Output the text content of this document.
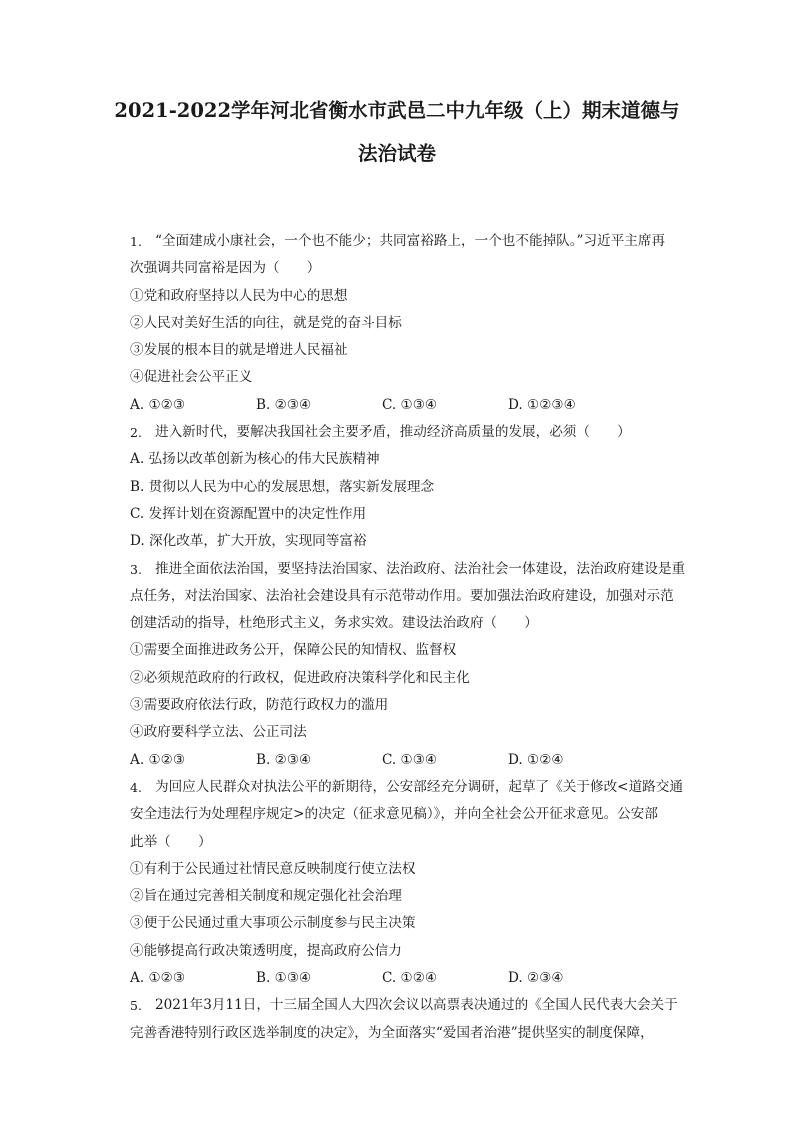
2021-2022学年河北省衡水市武邑二中九年级（上）期末道德与
法治试卷
1. “全面建成小康社会，一个也不能少；共同富裕路上，一个也不能掉队。”习近平主席再
次强调共同富裕是因为（　　）
①党和政府坚持以人民为中心的思想
②人民对美好生活的向往，就是党的奋斗目标
③发展的根本目的就是增进人民福祉
④促进社会公平正义
A. ①②③	B. ②③④	C. ①③④	D. ①②③④
2. 进入新时代，要解决我国社会主要矛盾，推动经济高质量的发展，必须（　　）
A. 弘扬以改革创新为核心的伟大民族精神
B. 贯彻以人民为中心的发展思想，落实新发展理念
C. 发挥计划在资源配置中的决定性作用
D. 深化改革，扩大开放，实现同等富裕
3. 推进全面依法治国，要坚持法治国家、法治政府、法治社会一体建设，法治政府建设是重
点任务，对法治国家、法治社会建设具有示范带动作用。要加强法治政府建设，加强对示范
创建活动的指导，杜绝形式主义，务求实效。建设法治政府（　　）
①需要全面推进政务公开，保障公民的知情权、监督权
②必须规范政府的行政权，促进政府决策科学化和民主化
③需要政府依法行政，防范行政权力的滥用
④政府要科学立法、公正司法
A. ①②③	B. ②③④	C. ①③④	D. ①②④
4. 为回应人民群众对执法公平的新期待，公安部经充分调研，起草了《关于修改<道路交通
安全违法行为处理程序规定>的决定（征求意见稿）》，并向全社会公开征求意见。公安部
此举（　　）
①有利于公民通过社情民意反映制度行使立法权
②旨在通过完善相关制度和规定强化社会治理
③便于公民通过重大事项公示制度参与民主决策
④能够提高行政决策透明度，提高政府公信力
A. ①②③	B. ①③④	C. ①②④	D. ②③④
5. 2021年3月11日，十三届全国人大四次会议以高票表决通过的《全国人民代表大会关于
完善香港特别行政区选举制度的决定》，为全面落实“爱国者治港”提供坚实的制度保障，
